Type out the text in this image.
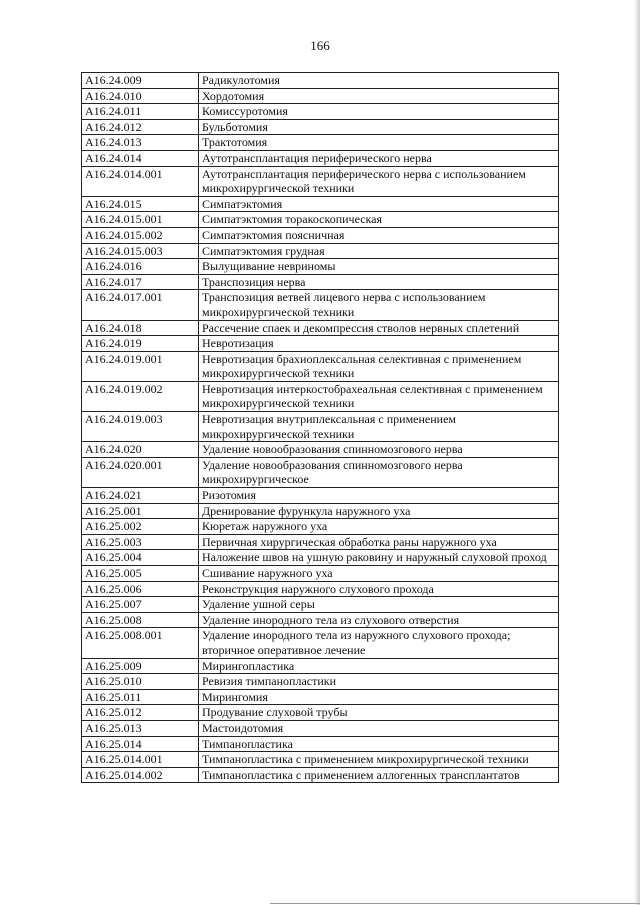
166
A16.24.009	Радикулотомия
A16.24.010	Хордотомия
A16.24.011	Комиссуротомия
A16.24.012	Бульботомия
A16.24.013	Трактотомия
A16.24.014	Аутотрансплантация периферического нерва
A16.24.014.001	Аутотрансплантация периферического нерва с использованием микрохирургической техники
A16.24.015	Симпатэктомия
A16.24.015.001	Симпатэктомия торакоскопическая
A16.24.015.002	Симпатэктомия поясничная
A16.24.015.003	Симпатэктомия грудная
A16.24.016	Вылущивание невриномы
A16.24.017	Транспозиция нерва
A16.24.017.001	Транспозиция ветвей лицевого нерва с использованием микрохирургической техники
A16.24.018	Рассечение спаек и декомпрессия стволов нервных сплетений
A16.24.019	Невротизация
A16.24.019.001	Невротизация брахиоплексальная селективная с применением микрохирургической техники
A16.24.019.002	Невротизация интеркостобрахеальная селективная с применением микрохирургической техники
A16.24.019.003	Невротизация внутриплексальная с применением микрохирургической техники
A16.24.020	Удаление новообразования спинномозгового нерва
A16.24.020.001	Удаление новообразования спинномозгового нерва микрохирургическое
A16.24.021	Ризотомия
A16.25.001	Дренирование фурункула наружного уха
A16.25.002	Кюретаж наружного уха
A16.25.003	Первичная хирургическая обработка раны наружного уха
A16.25.004	Наложение швов на ушную раковину и наружный слуховой проход
A16.25.005	Сшивание наружного уха
A16.25.006	Реконструкция наружного слухового прохода
A16.25.007	Удаление ушной серы
A16.25.008	Удаление инородного тела из слухового отверстия
A16.25.008.001	Удаление инородного тела из наружного слухового прохода; вторичное оперативное лечение
A16.25.009	Мирингопластика
A16.25.010	Ревизия тимпанопластики
A16.25.011	Мирингомия
A16.25.012	Продувание слуховой трубы
A16.25.013	Мастоидотомия
A16.25.014	Тимпанопластика
A16.25.014.001	Тимпанопластика с применением микрохирургической техники
A16.25.014.002	Тимпанопластика с применением аллогенных трансплантатов
